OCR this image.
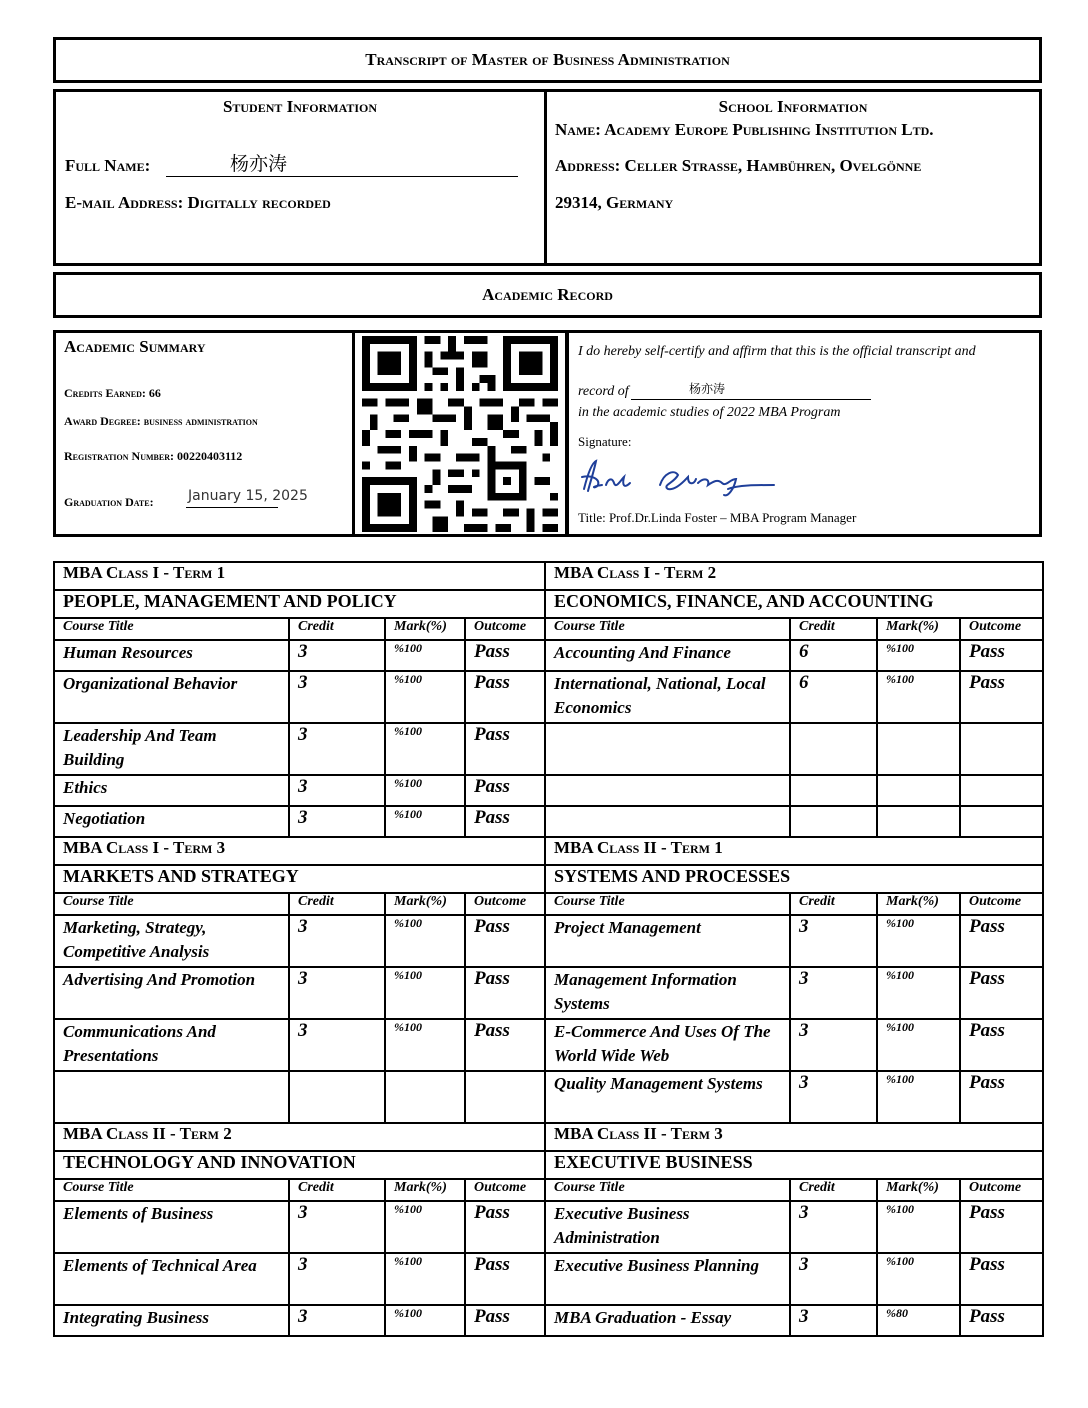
Transcript of Master of Business Administration
Student Information
Full Name:	杨亦涛
E-mail Address: Digitally recorded
School Information
Name: Academy Europe Publishing Institution Ltd.
Address: Celler Strasse, Hambühren, Ovelgönne
29314, Germany
Academic Record
Academic Summary
Credits Earned: 66
Award Degree: business administration
Registration Number: 00220403112
Graduation Date: January 15, 2025
I do hereby self-certify and affirm that this is the official transcript and
record of	杨亦涛
in the academic studies of 2022 MBA Program
Signature:
Title: Prof.Dr.Linda Foster – MBA Program Manager
MBA Class I - Term 1				MBA Class I - Term 2			
PEOPLE, MANAGEMENT AND POLICY				ECONOMICS, FINANCE, AND ACCOUNTING			
Course Title	Credit	Mark(%)	Outcome	Course Title	Credit	Mark(%)	Outcome
Human Resources	3	%100	Pass	Accounting And Finance	6	%100	Pass
Organizational Behavior	3	%100	Pass	International, National, Local Economics	6	%100	Pass
Leadership And Team Building	3	%100	Pass				
Ethics	3	%100	Pass				
Negotiation	3	%100	Pass				
MBA Class I - Term 3				MBA Class II - Term 1			
MARKETS AND STRATEGY				SYSTEMS AND PROCESSES			
Course Title	Credit	Mark(%)	Outcome	Course Title	Credit	Mark(%)	Outcome
Marketing, Strategy, Competitive Analysis	3	%100	Pass	Project Management	3	%100	Pass
Advertising And Promotion	3	%100	Pass	Management Information Systems	3	%100	Pass
Communications And Presentations	3	%100	Pass	E-Commerce And Uses Of The World Wide Web	3	%100	Pass
				Quality Management Systems	3	%100	Pass
MBA Class II - Term 2				MBA Class II - Term 3			
TECHNOLOGY AND INNOVATION				EXECUTIVE BUSINESS			
Course Title	Credit	Mark(%)	Outcome	Course Title	Credit	Mark(%)	Outcome
Elements of Business	3	%100	Pass	Executive Business Administration	3	%100	Pass
Elements of Technical Area	3	%100	Pass	Executive Business Planning	3	%100	Pass
Integrating Business	3	%100	Pass	MBA Graduation - Essay	3	%80	Pass
